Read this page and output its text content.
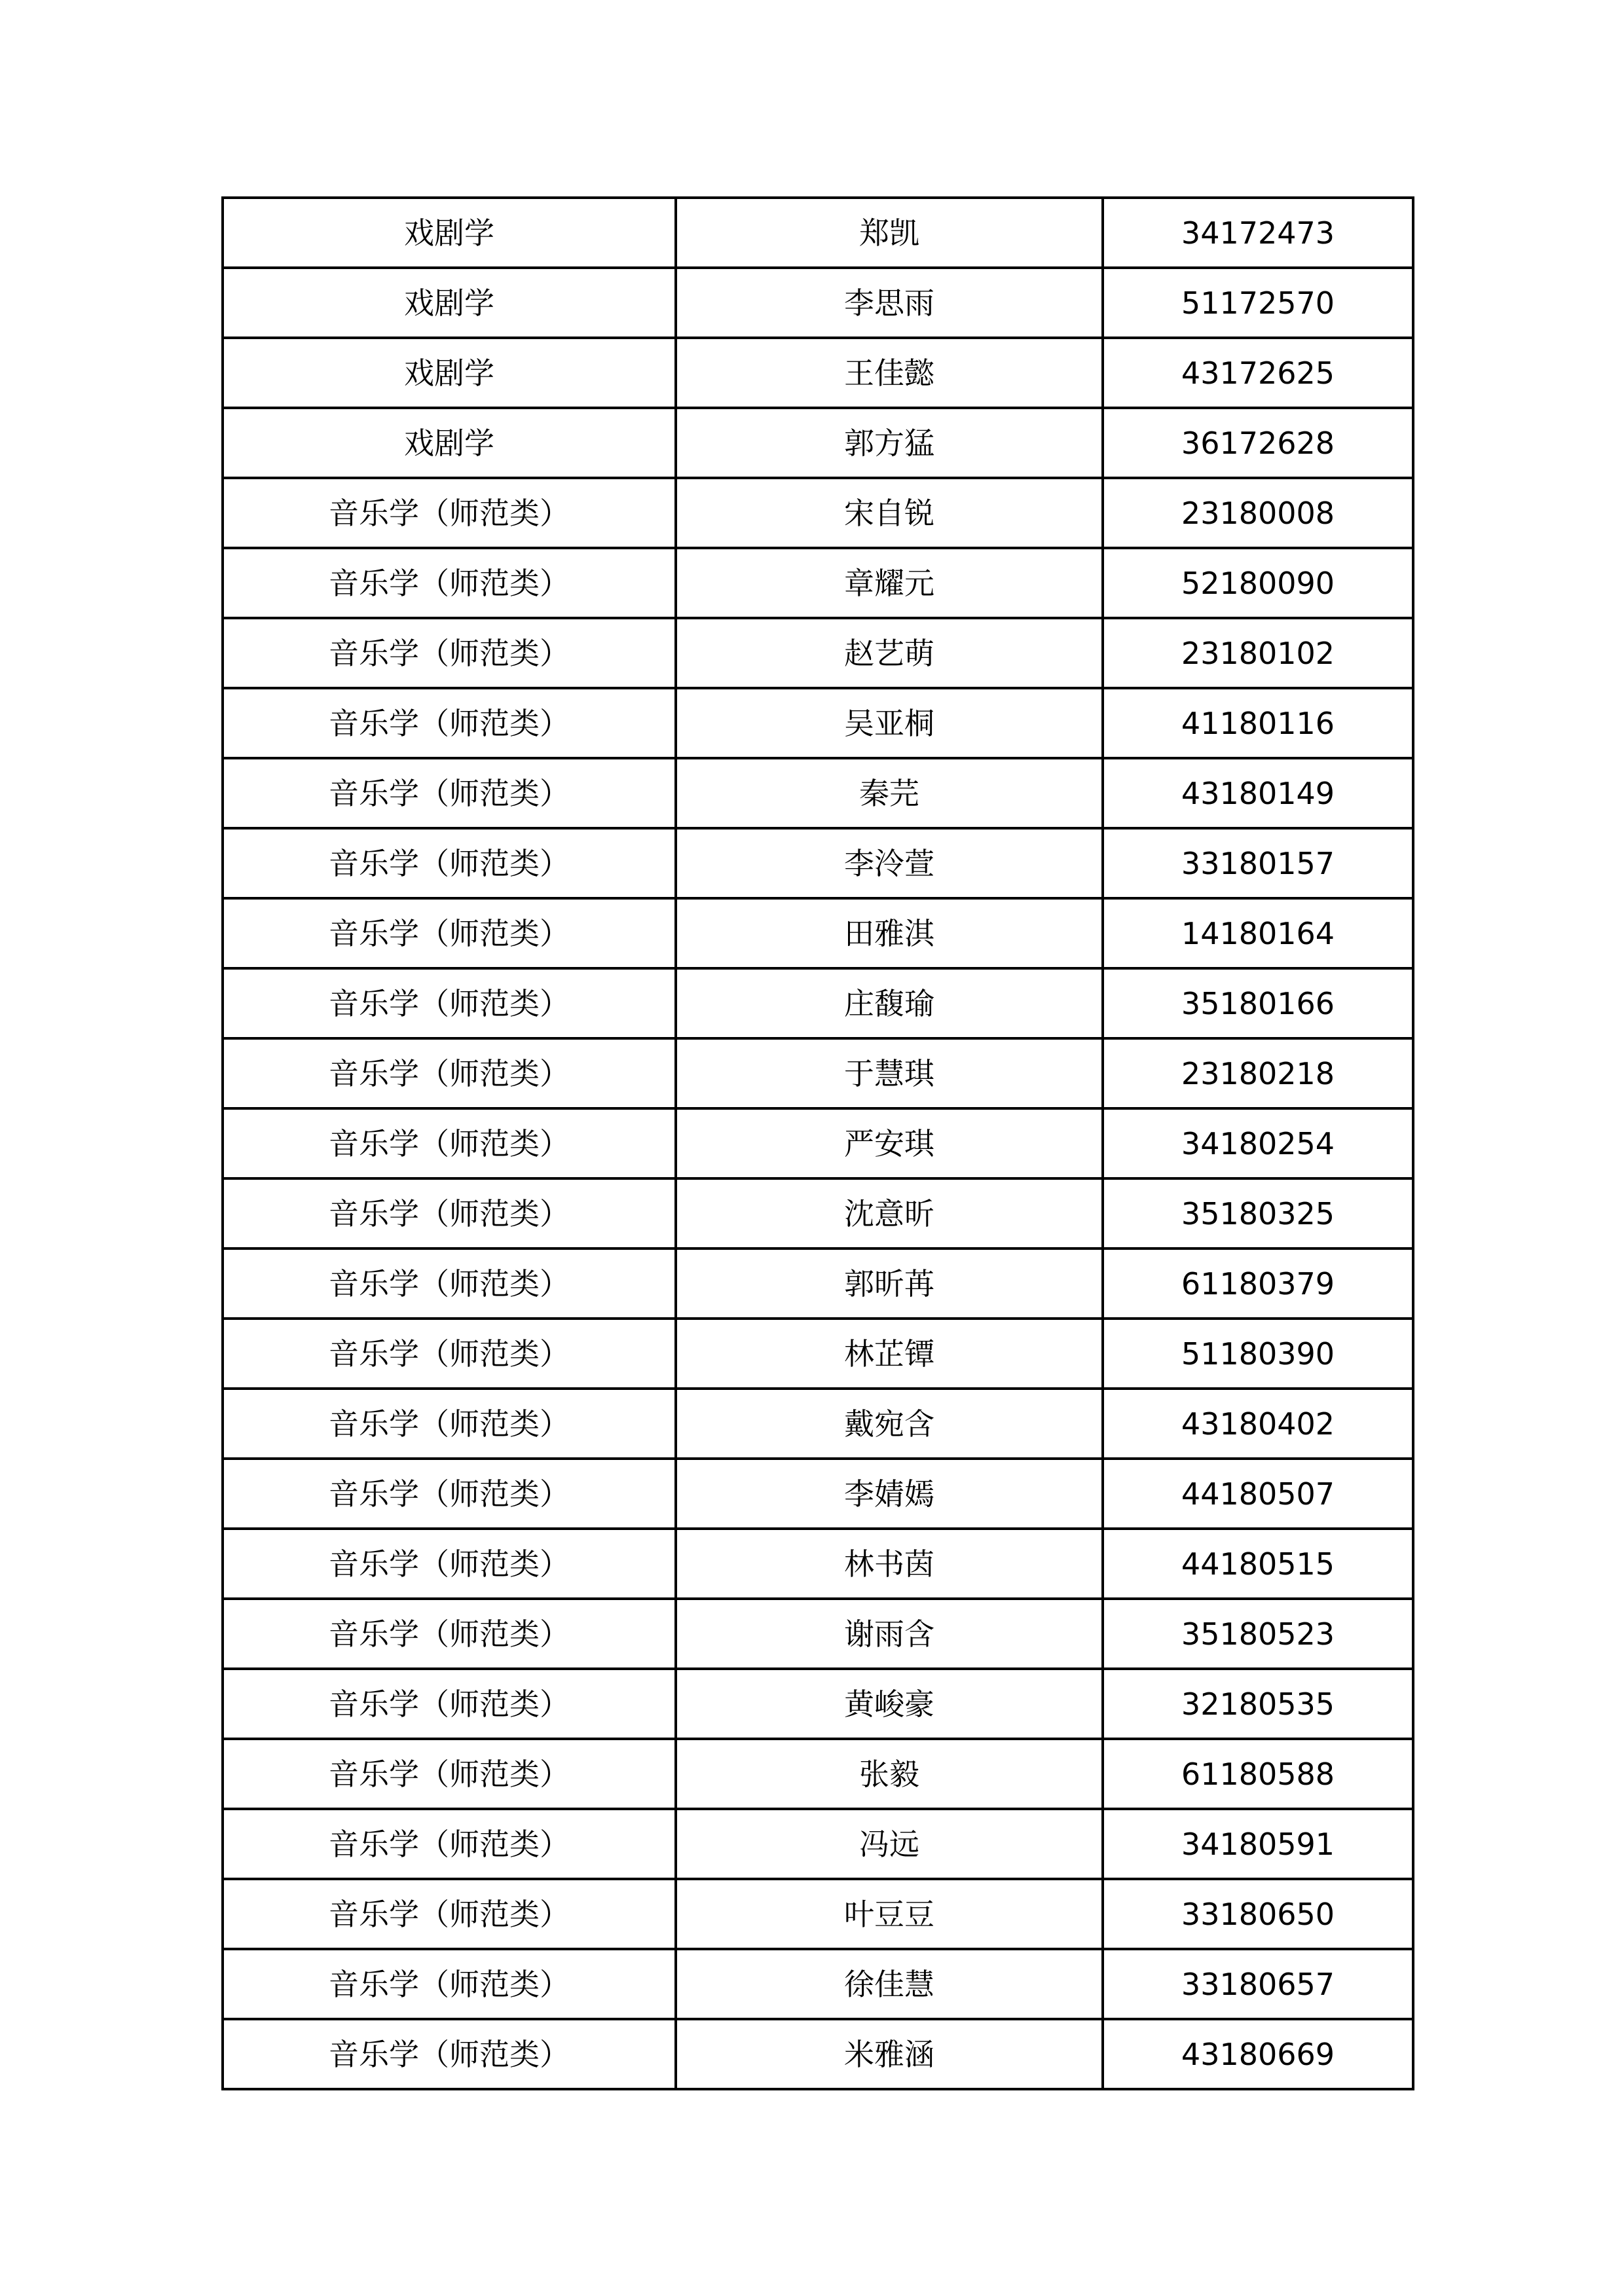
戏剧学	郑凯	34172473
戏剧学	李思雨	51172570
戏剧学	王佳懿	43172625
戏剧学	郭方猛	36172628
音乐学（师范类）	宋自锐	23180008
音乐学（师范类）	章耀元	52180090
音乐学（师范类）	赵艺萌	23180102
音乐学（师范类）	吴亚桐	41180116
音乐学（师范类）	秦芫	43180149
音乐学（师范类）	李泠萱	33180157
音乐学（师范类）	田雅淇	14180164
音乐学（师范类）	庄馥瑜	35180166
音乐学（师范类）	于慧琪	23180218
音乐学（师范类）	严安琪	34180254
音乐学（师范类）	沈意昕	35180325
音乐学（师范类）	郭昕苒	61180379
音乐学（师范类）	林芷镡	51180390
音乐学（师范类）	戴宛含	43180402
音乐学（师范类）	李婧嫣	44180507
音乐学（师范类）	林书茵	44180515
音乐学（师范类）	谢雨含	35180523
音乐学（师范类）	黄峻豪	32180535
音乐学（师范类）	张毅	61180588
音乐学（师范类）	冯远	34180591
音乐学（师范类）	叶豆豆	33180650
音乐学（师范类）	徐佳慧	33180657
音乐学（师范类）	米雅涵	43180669
